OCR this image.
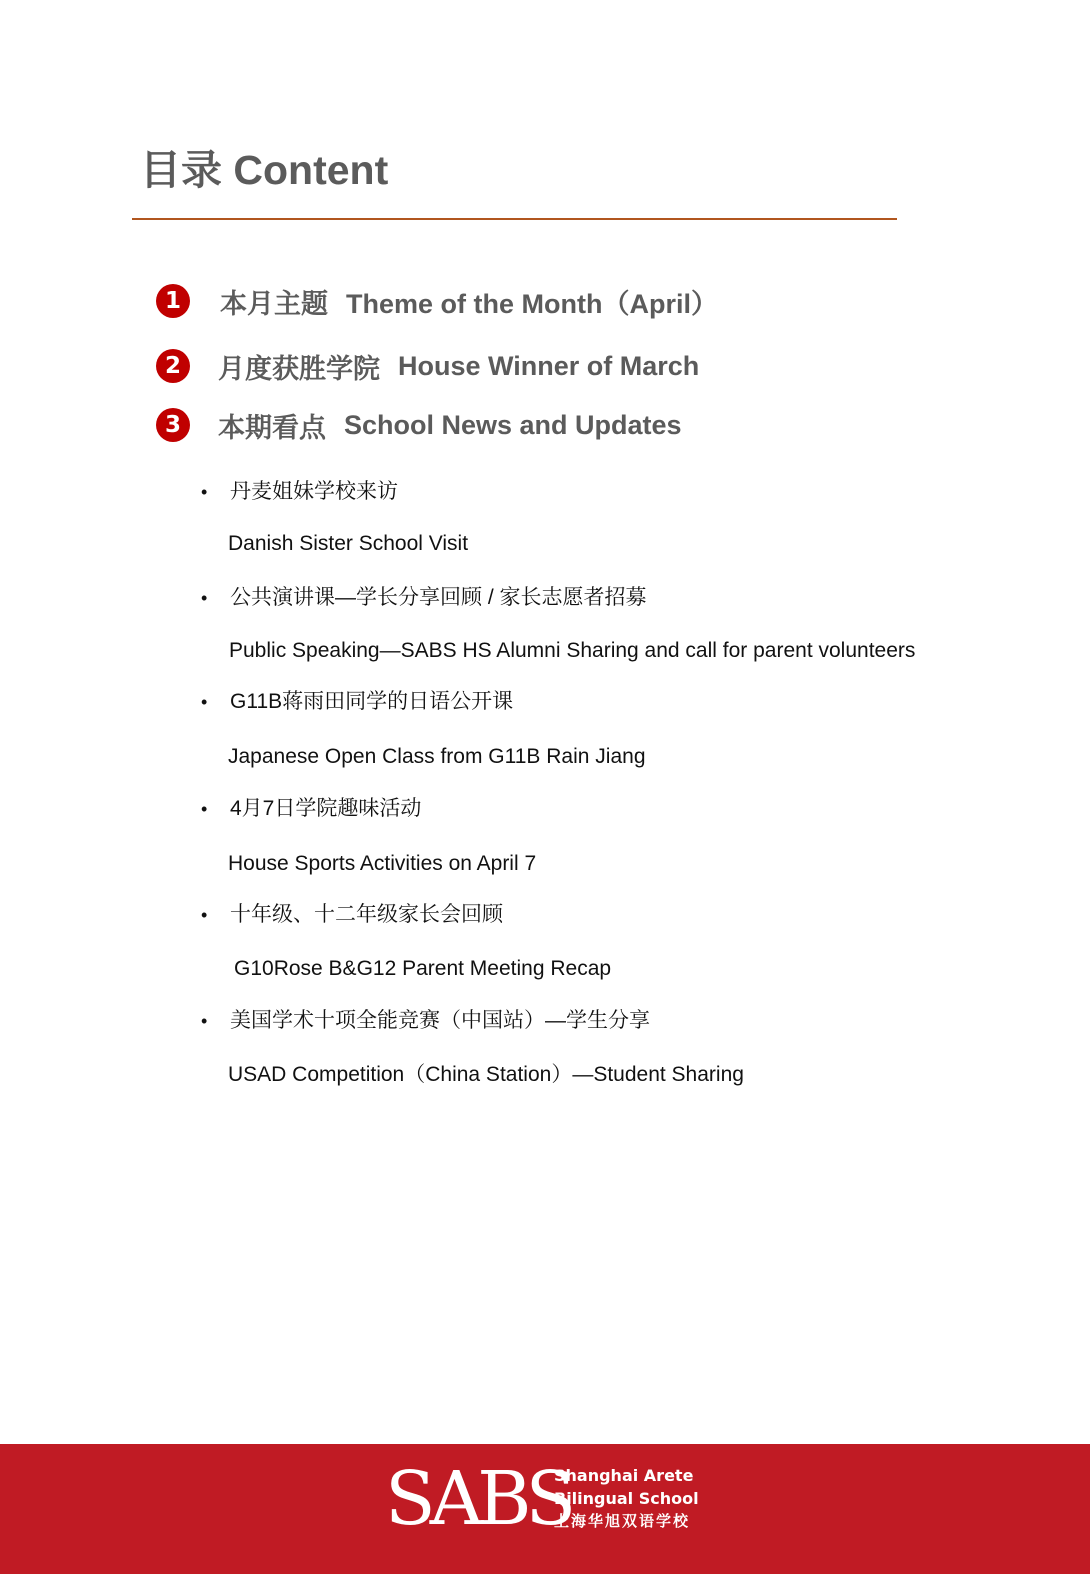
目录 Content
1	本月主题 Theme of the Month（April）
2	月度获胜学院 House Winner of March
3	本期看点 School News and Updates
• 丹麦姐妹学校来访
Danish Sister School Visit
• 公共演讲课—学长分享回顾 / 家长志愿者招募
Public Speaking—SABS HS Alumni Sharing and call for parent volunteers
• G11B蒋雨田同学的日语公开课
Japanese Open Class from G11B Rain Jiang
• 4月7日学院趣味活动
House Sports Activities on April 7
• 十年级、十二年级家长会回顾
G10Rose B&G12 Parent Meeting Recap
• 美国学术十项全能竞赛（中国站）—学生分享
USAD Competition（China Station）—Student Sharing
SABS
Shanghai Arete
Bilingual School
上海华旭双语学校
